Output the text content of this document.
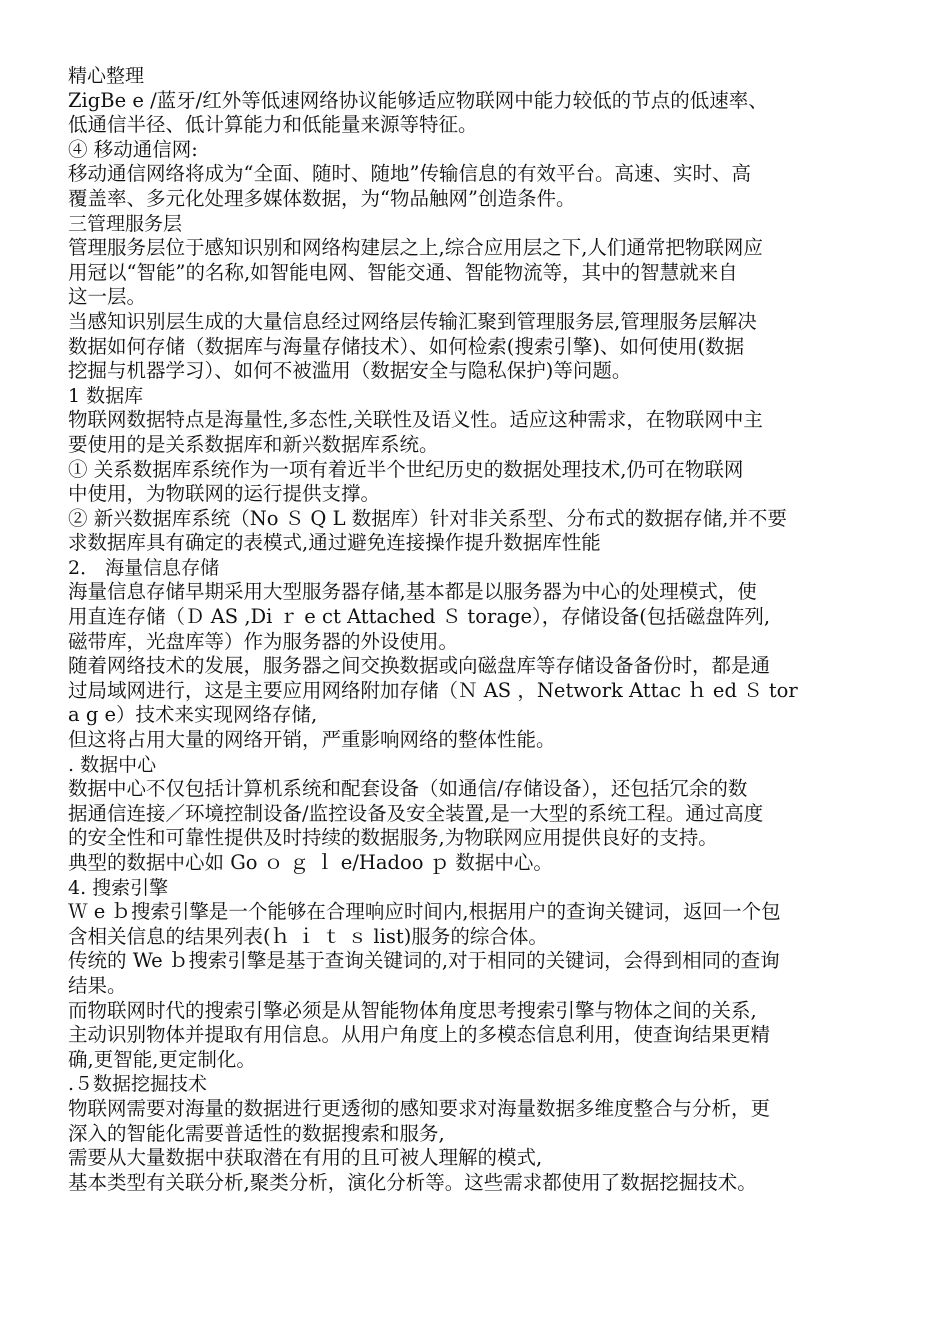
精心整理
ZigBe e /蓝牙/红外等低速网络协议能够适应物联网中能力较低的节点的低速率、
低通信半径、低计算能力和低能量来源等特征。
④ 移动通信网:
移动通信网络将成为“全面、随时、随地”传输信息的有效平台。高速、实时、高
覆盖率、多元化处理多媒体数据，为“物品触网”创造条件。
三管理服务层
管理服务层位于感知识别和网络构建层之上,综合应用层之下,人们通常把物联网应
用冠以“智能”的名称,如智能电网、智能交通、智能物流等，其中的智慧就来自
这一层。
当感知识别层生成的大量信息经过网络层传输汇聚到管理服务层,管理服务层解决
数据如何存储（数据库与海量存储技术）、如何检索(搜索引擎)、如何使用(数据
挖掘与机器学习）、如何不被滥用（数据安全与隐私保护)等问题。
1 数据库
物联网数据特点是海量性,多态性,关联性及语义性。适应这种需求，在物联网中主
要使用的是关系数据库和新兴数据库系统。
① 关系数据库系统作为一项有着近半个世纪历史的数据处理技术,仍可在物联网
中使用，为物联网的运行提供支撑。
② 新兴数据库系统（No Ｓ Q L 数据库）针对非关系型、分布式的数据存储,并不要
求数据库具有确定的表模式,通过避免连接操作提升数据库性能
2． 海量信息存储
海量信息存储早期采用大型服务器存储,基本都是以服务器为中心的处理模式，使
用直连存储（Ｄ AS ,Di ｒ e ct Attached Ｓ torage），存储设备(包括磁盘阵列,
磁带库，光盘库等）作为服务器的外设使用。
随着网络技术的发展，服务器之间交换数据或向磁盘库等存储设备备份时，都是通
过局域网进行，这是主要应用网络附加存储（Ｎ AS ，Network Attac ｈ ed Ｓ tor
a g e）技术来实现网络存储,
但这将占用大量的网络开销，严重影响网络的整体性能。
. 数据中心
数据中心不仅包括计算机系统和配套设备（如通信/存储设备），还包括冗余的数
据通信连接／环境控制设备/监控设备及安全装置,是一大型的系统工程。通过高度
的安全性和可靠性提供及时持续的数据服务,为物联网应用提供良好的支持。
典型的数据中心如 Go ｏ ｇ ｌ e/Hadoo ｐ 数据中心。
4. 搜索引擎
Ｗ e ｂ搜索引擎是一个能够在合理响应时间内,根据用户的查询关键词，返回一个包
含相关信息的结果列表(ｈ ｉ ｔ ｓ list)服务的综合体。
传统的 We ｂ搜索引擎是基于查询关键词的,对于相同的关键词，会得到相同的查询
结果。
而物联网时代的搜索引擎必须是从智能物体角度思考搜索引擎与物体之间的关系,
主动识别物体并提取有用信息。从用户角度上的多模态信息利用，使查询结果更精
确,更智能,更定制化。
.５数据挖掘技术
物联网需要对海量的数据进行更透彻的感知要求对海量数据多维度整合与分析，更
深入的智能化需要普适性的数据搜索和服务,
需要从大量数据中获取潜在有用的且可被人理解的模式,
基本类型有关联分析,聚类分析，演化分析等。这些需求都使用了数据挖掘技术。
